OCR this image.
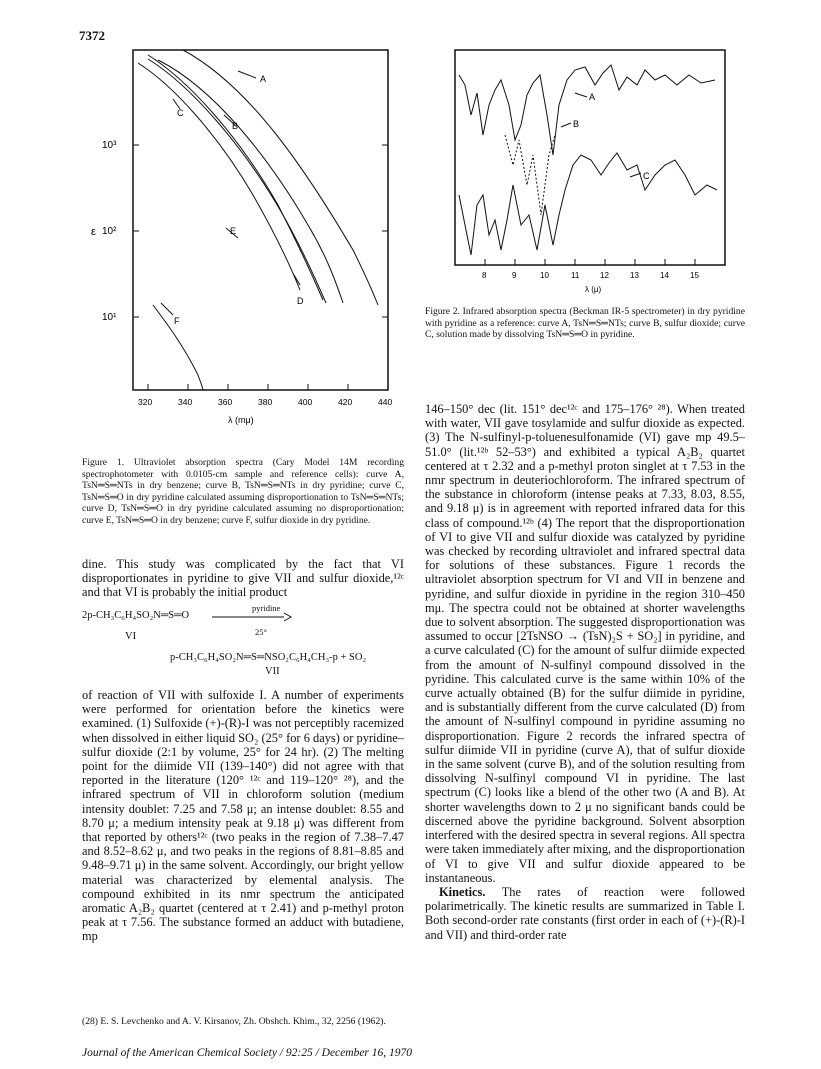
7372
10³
10²
10¹
ε
320	340	360	380	400	420	440
λ (mμ)
A
B
C
D
E
F
8	9	10	11	12	13	14	15
λ (μ)
A
B
C
Figure 1. Ultraviolet absorption spectra (Cary Model 14M recording spectrophotometer with 0.0105-cm sample and reference cells): curve A, TsN═S═NTs in dry benzene; curve B, TsN═S═NTs in dry pyridine; curve C, TsN═S═O in dry pyridine calculated assuming disproportionation to TsN═S═NTs; curve D, TsN═S═O in dry pyridine calculated assuming no disproportionation; curve E, TsN═S═O in dry benzene; curve F, sulfur dioxide in dry pyridine.
Figure 2. Infrared absorption spectra (Beckman IR-5 spectrometer) in dry pyridine with pyridine as a reference: curve A, TsN═S═NTs; curve B, sulfur dioxide; curve C, solution made by dissolving TsN═S═O in pyridine.

dine. This study was complicated by the fact that VI disproportionates in pyridine to give VII and sulfur dioxide,¹²ᶜ and that VI is probably the initial product

2p-CH₃C₆H₄SO₂N═S═O
pyridine
25°
VI
p-CH₃C₆H₄SO₂N═S═NSO₂C₆H₄CH₃-p + SO₂
VII

of reaction of VII with sulfoxide I. A number of experiments were performed for orientation before the kinetics were examined. (1) Sulfoxide (+)-(R)-I was not perceptibly racemized when dissolved in either liquid SO₂ (25° for 6 days) or pyridine–sulfur dioxide (2:1 by volume, 25° for 24 hr). (2) The melting point for the diimide VII (139–140°) did not agree with that reported in the literature (120° ¹²ᶜ and 119–120° ²⁸), and the infrared spectrum of VII in chloroform solution (medium intensity doublet: 7.25 and 7.58 μ; an intense doublet: 8.55 and 8.70 μ; a medium intensity peak at 9.18 μ) was different from that reported by others¹²ᶜ (two peaks in the region of 7.38–7.47 and 8.52–8.62 μ, and two peaks in the regions of 8.81–8.85 and 9.48–9.71 μ) in the same solvent. Accordingly, our bright yellow material was characterized by elemental analysis. The compound exhibited in its nmr spectrum the anticipated aromatic A₂B₂ quartet (centered at τ 2.41) and p-methyl proton peak at τ 7.56. The substance formed an adduct with butadiene, mp

(28) E. S. Levchenko and A. V. Kirsanov, Zh. Obshch. Khim., 32, 2256 (1962).

146–150° dec (lit. 151° dec¹²ᶜ and 175–176° ²⁸). When treated with water, VII gave tosylamide and sulfur dioxide as expected. (3) The N-sulfinyl-p-toluenesulfonamide (VI) gave mp 49.5–51.0° (lit.¹²ᵇ 52–53°) and exhibited a typical A₂B₂ quartet centered at τ 2.32 and a p-methyl proton singlet at τ 7.53 in the nmr spectrum in deuteriochloroform. The infrared spectrum of the substance in chloroform (intense peaks at 7.33, 8.03, 8.55, and 9.18 μ) is in agreement with reported infrared data for this class of compound.¹²ᵇ (4) The report that the disproportionation of VI to give VII and sulfur dioxide was catalyzed by pyridine was checked by recording ultraviolet and infrared spectral data for solutions of these substances. Figure 1 records the ultraviolet absorption spectrum for VI and VII in benzene and pyridine, and sulfur dioxide in pyridine in the region 310–450 mμ. The spectra could not be obtained at shorter wavelengths due to solvent absorption. The suggested disproportionation was assumed to occur [2TsNSO → (TsN)₂S + SO₂] in pyridine, and a curve calculated (C) for the amount of sulfur diimide expected from the amount of N-sulfinyl compound dissolved in the pyridine. This calculated curve is the same within 10% of the curve actually obtained (B) for the sulfur diimide in pyridine, and is substantially different from the curve calculated (D) from the amount of N-sulfinyl compound in pyridine assuming no disproportionation. Figure 2 records the infrared spectra of sulfur diimide VII in pyridine (curve A), that of sulfur dioxide in the same solvent (curve B), and of the solution resulting from dissolving N-sulfinyl compound VI in pyridine. The last spectrum (C) looks like a blend of the other two (A and B). At shorter wavelengths down to 2 μ no significant bands could be discerned above the pyridine background. Solvent absorption interfered with the desired spectra in several regions. All spectra were taken immediately after mixing, and the disproportionation of VI to give VII and sulfur dioxide appeared to be instantaneous.

Kinetics. The rates of reaction were followed polarimetrically. The kinetic results are summarized in Table I. Both second-order rate constants (first order in each of (+)-(R)-I and VII) and third-order rate

Journal of the American Chemical Society / 92:25 / December 16, 1970
